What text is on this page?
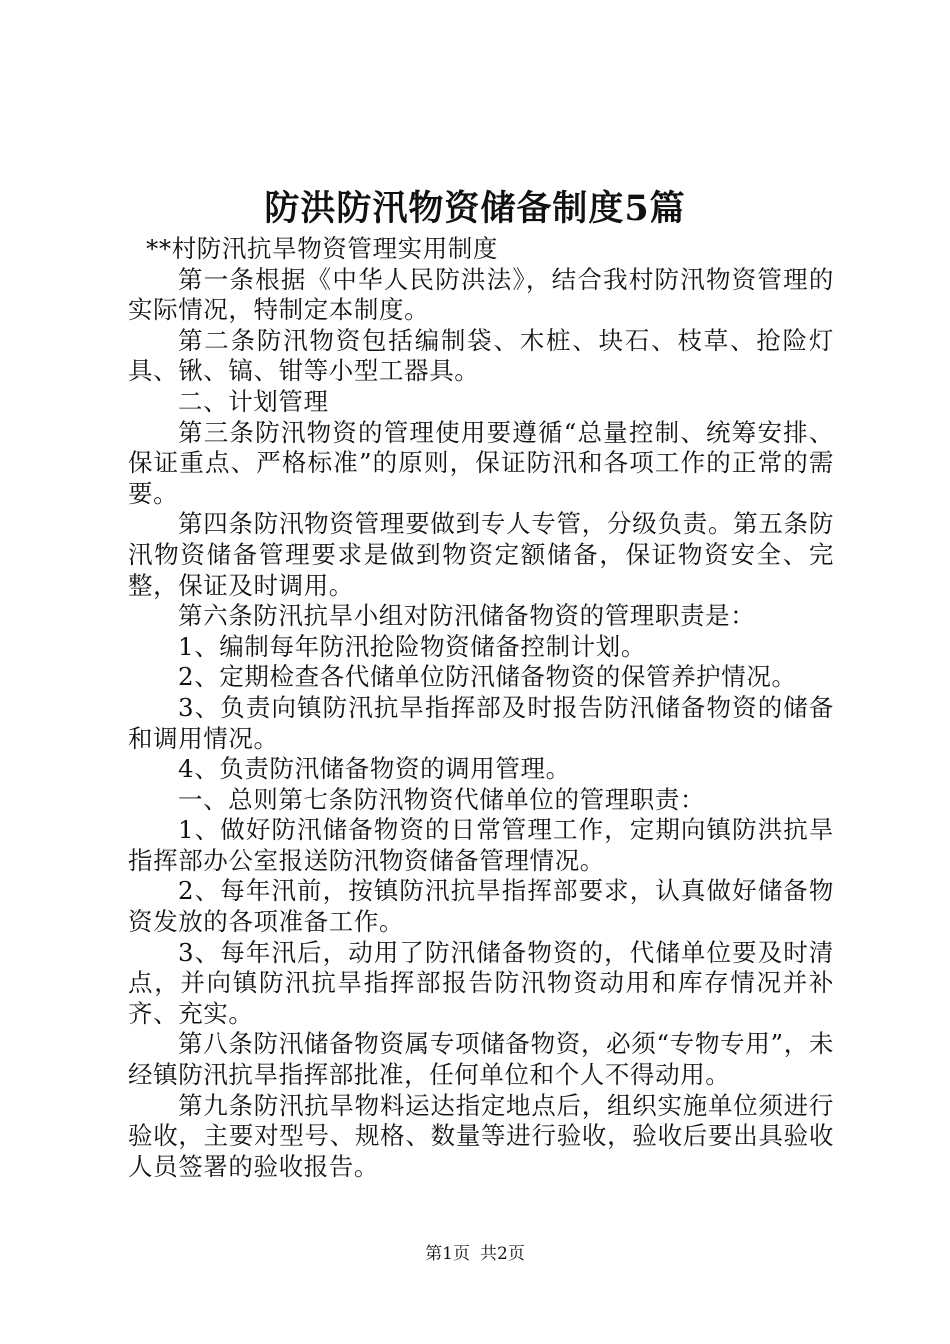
防洪防汛物资储备制度5篇

**村防汛抗旱物资管理实用制度

第一条根据《中华人民防洪法》，结合我村防汛物资管理的实际情况，特制定本制度。

第二条防汛物资包括编制袋、木桩、块石、枝草、抢险灯具、锹、镐、钳等小型工器具。

二、计划管理

第三条防汛物资的管理使用要遵循“总量控制、统筹安排、保证重点、严格标准”的原则，保证防汛和各项工作的正常的需要。

第四条防汛物资管理要做到专人专管，分级负责。第五条防汛物资储备管理要求是做到物资定额储备，保证物资安全、完整，保证及时调用。

第六条防汛抗旱小组对防汛储备物资的管理职责是：

1、编制每年防汛抢险物资储备控制计划。

2、定期检查各代储单位防汛储备物资的保管养护情况。

3、负责向镇防汛抗旱指挥部及时报告防汛储备物资的储备和调用情况。

4、负责防汛储备物资的调用管理。

一、总则第七条防汛物资代储单位的管理职责：

1、做好防汛储备物资的日常管理工作，定期向镇防洪抗旱指挥部办公室报送防汛物资储备管理情况。

2、每年汛前，按镇防汛抗旱指挥部要求，认真做好储备物资发放的各项准备工作。

3、每年汛后，动用了防汛储备物资的，代储单位要及时清点，并向镇防汛抗旱指挥部报告防汛物资动用和库存情况并补齐、充实。

第八条防汛储备物资属专项储备物资，必须“专物专用”，未经镇防汛抗旱指挥部批准，任何单位和个人不得动用。

第九条防汛抗旱物料运达指定地点后，组织实施单位须进行验收，主要对型号、规格、数量等进行验收，验收后要出具验收人员签署的验收报告。

第1页 共2页
